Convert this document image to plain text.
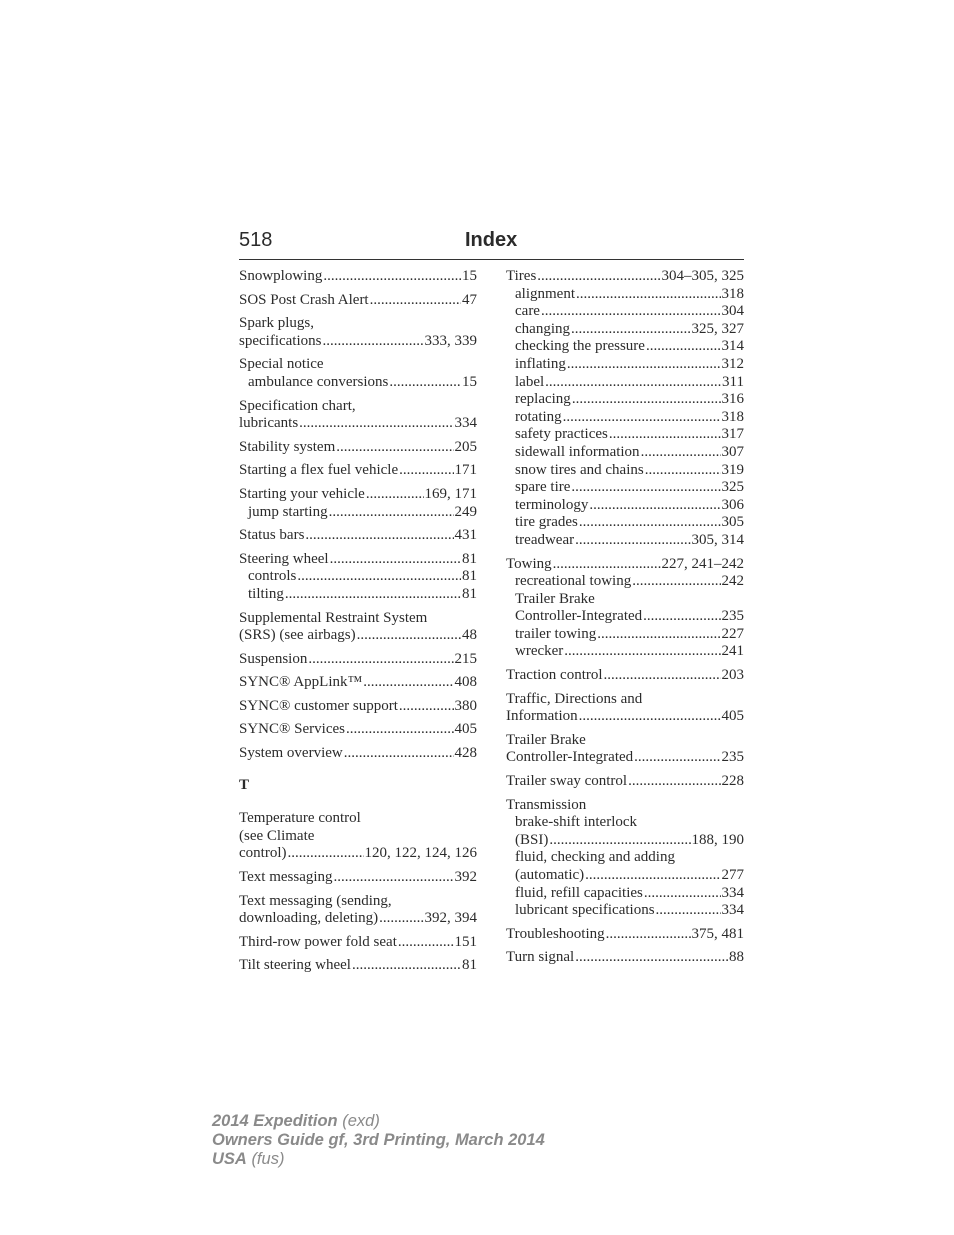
518	Index
Snowplowing .....	15
SOS Post Crash Alert .....	47
Spark plugs,
specifications .....	333, 339
Special notice
ambulance conversions .....	15
Specification chart,
lubricants .....	334
Stability system .....	205
Starting a flex fuel vehicle .....	171
Starting your vehicle .....	169, 171
jump starting .....	249
Status bars .....	431
Steering wheel .....	81
controls .....	81
tilting .....	81
Supplemental Restraint System
(SRS) (see airbags) .....	48
Suspension .....	215
SYNC® AppLink™ .....	408
SYNC® customer support .....	380
SYNC® Services .....	405
System overview .....	428
T
Temperature control
(see Climate
control) .....	120, 122, 124, 126
Text messaging .....	392
Text messaging (sending,
downloading, deleting) .....	392, 394
Third-row power fold seat .....	151
Tilt steering wheel .....	81
Tires .....	304–305, 325
alignment .....	318
care .....	304
changing .....	325, 327
checking the pressure .....	314
inflating .....	312
label .....	311
replacing .....	316
rotating .....	318
safety practices .....	317
sidewall information .....	307
snow tires and chains .....	319
spare tire .....	325
terminology .....	306
tire grades .....	305
treadwear .....	305, 314
Towing .....	227, 241–242
recreational towing .....	242
Trailer Brake
Controller-Integrated .....	235
trailer towing .....	227
wrecker .....	241
Traction control .....	203
Traffic, Directions and
Information .....	405
Trailer Brake
Controller-Integrated .....	235
Trailer sway control .....	228
Transmission
brake-shift interlock
(BSI) .....	188, 190
fluid, checking and adding
(automatic) .....	277
fluid, refill capacities .....	334
lubricant specifications .....	334
Troubleshooting .....	375, 481
Turn signal .....	88
2014 Expedition (exd)
Owners Guide gf, 3rd Printing, March 2014
USA (fus)
